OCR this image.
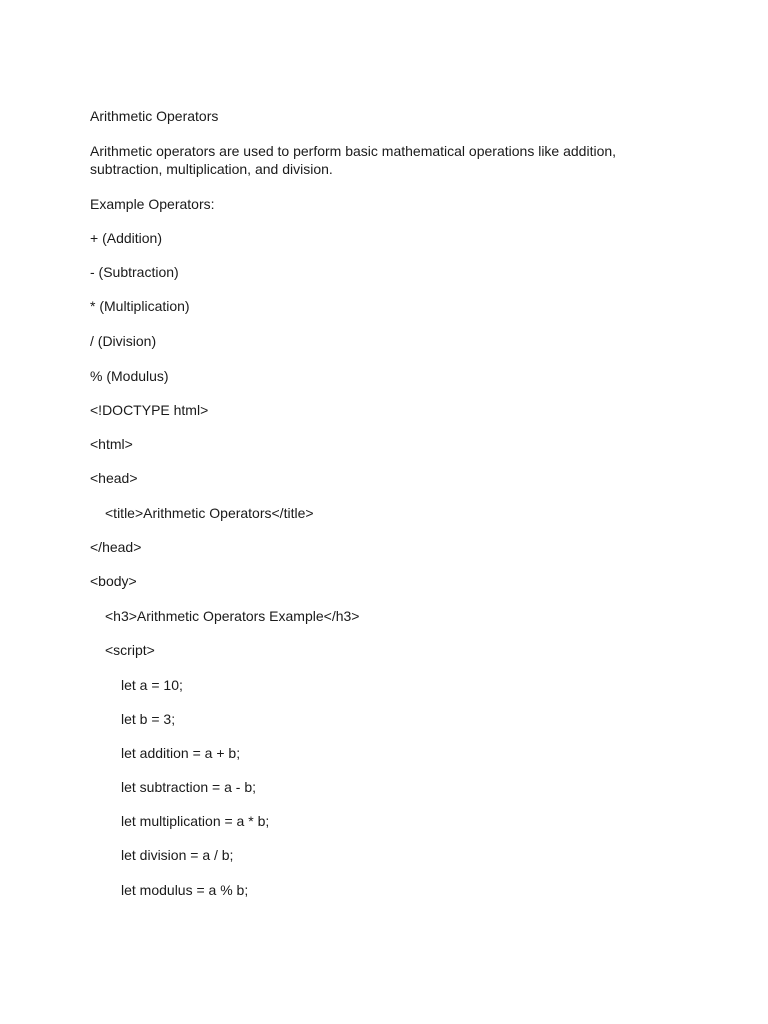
Arithmetic Operators
Arithmetic operators are used to perform basic mathematical operations like addition, subtraction, multiplication, and division.
Example Operators:
+ (Addition)
- (Subtraction)
* (Multiplication)
/ (Division)
% (Modulus)
<!DOCTYPE html>
<html>
<head>
<title>Arithmetic Operators</title>
</head>
<body>
<h3>Arithmetic Operators Example</h3>
<script>
let a = 10;
let b = 3;
let addition = a + b;
let subtraction = a - b;
let multiplication = a * b;
let division = a / b;
let modulus = a % b;
